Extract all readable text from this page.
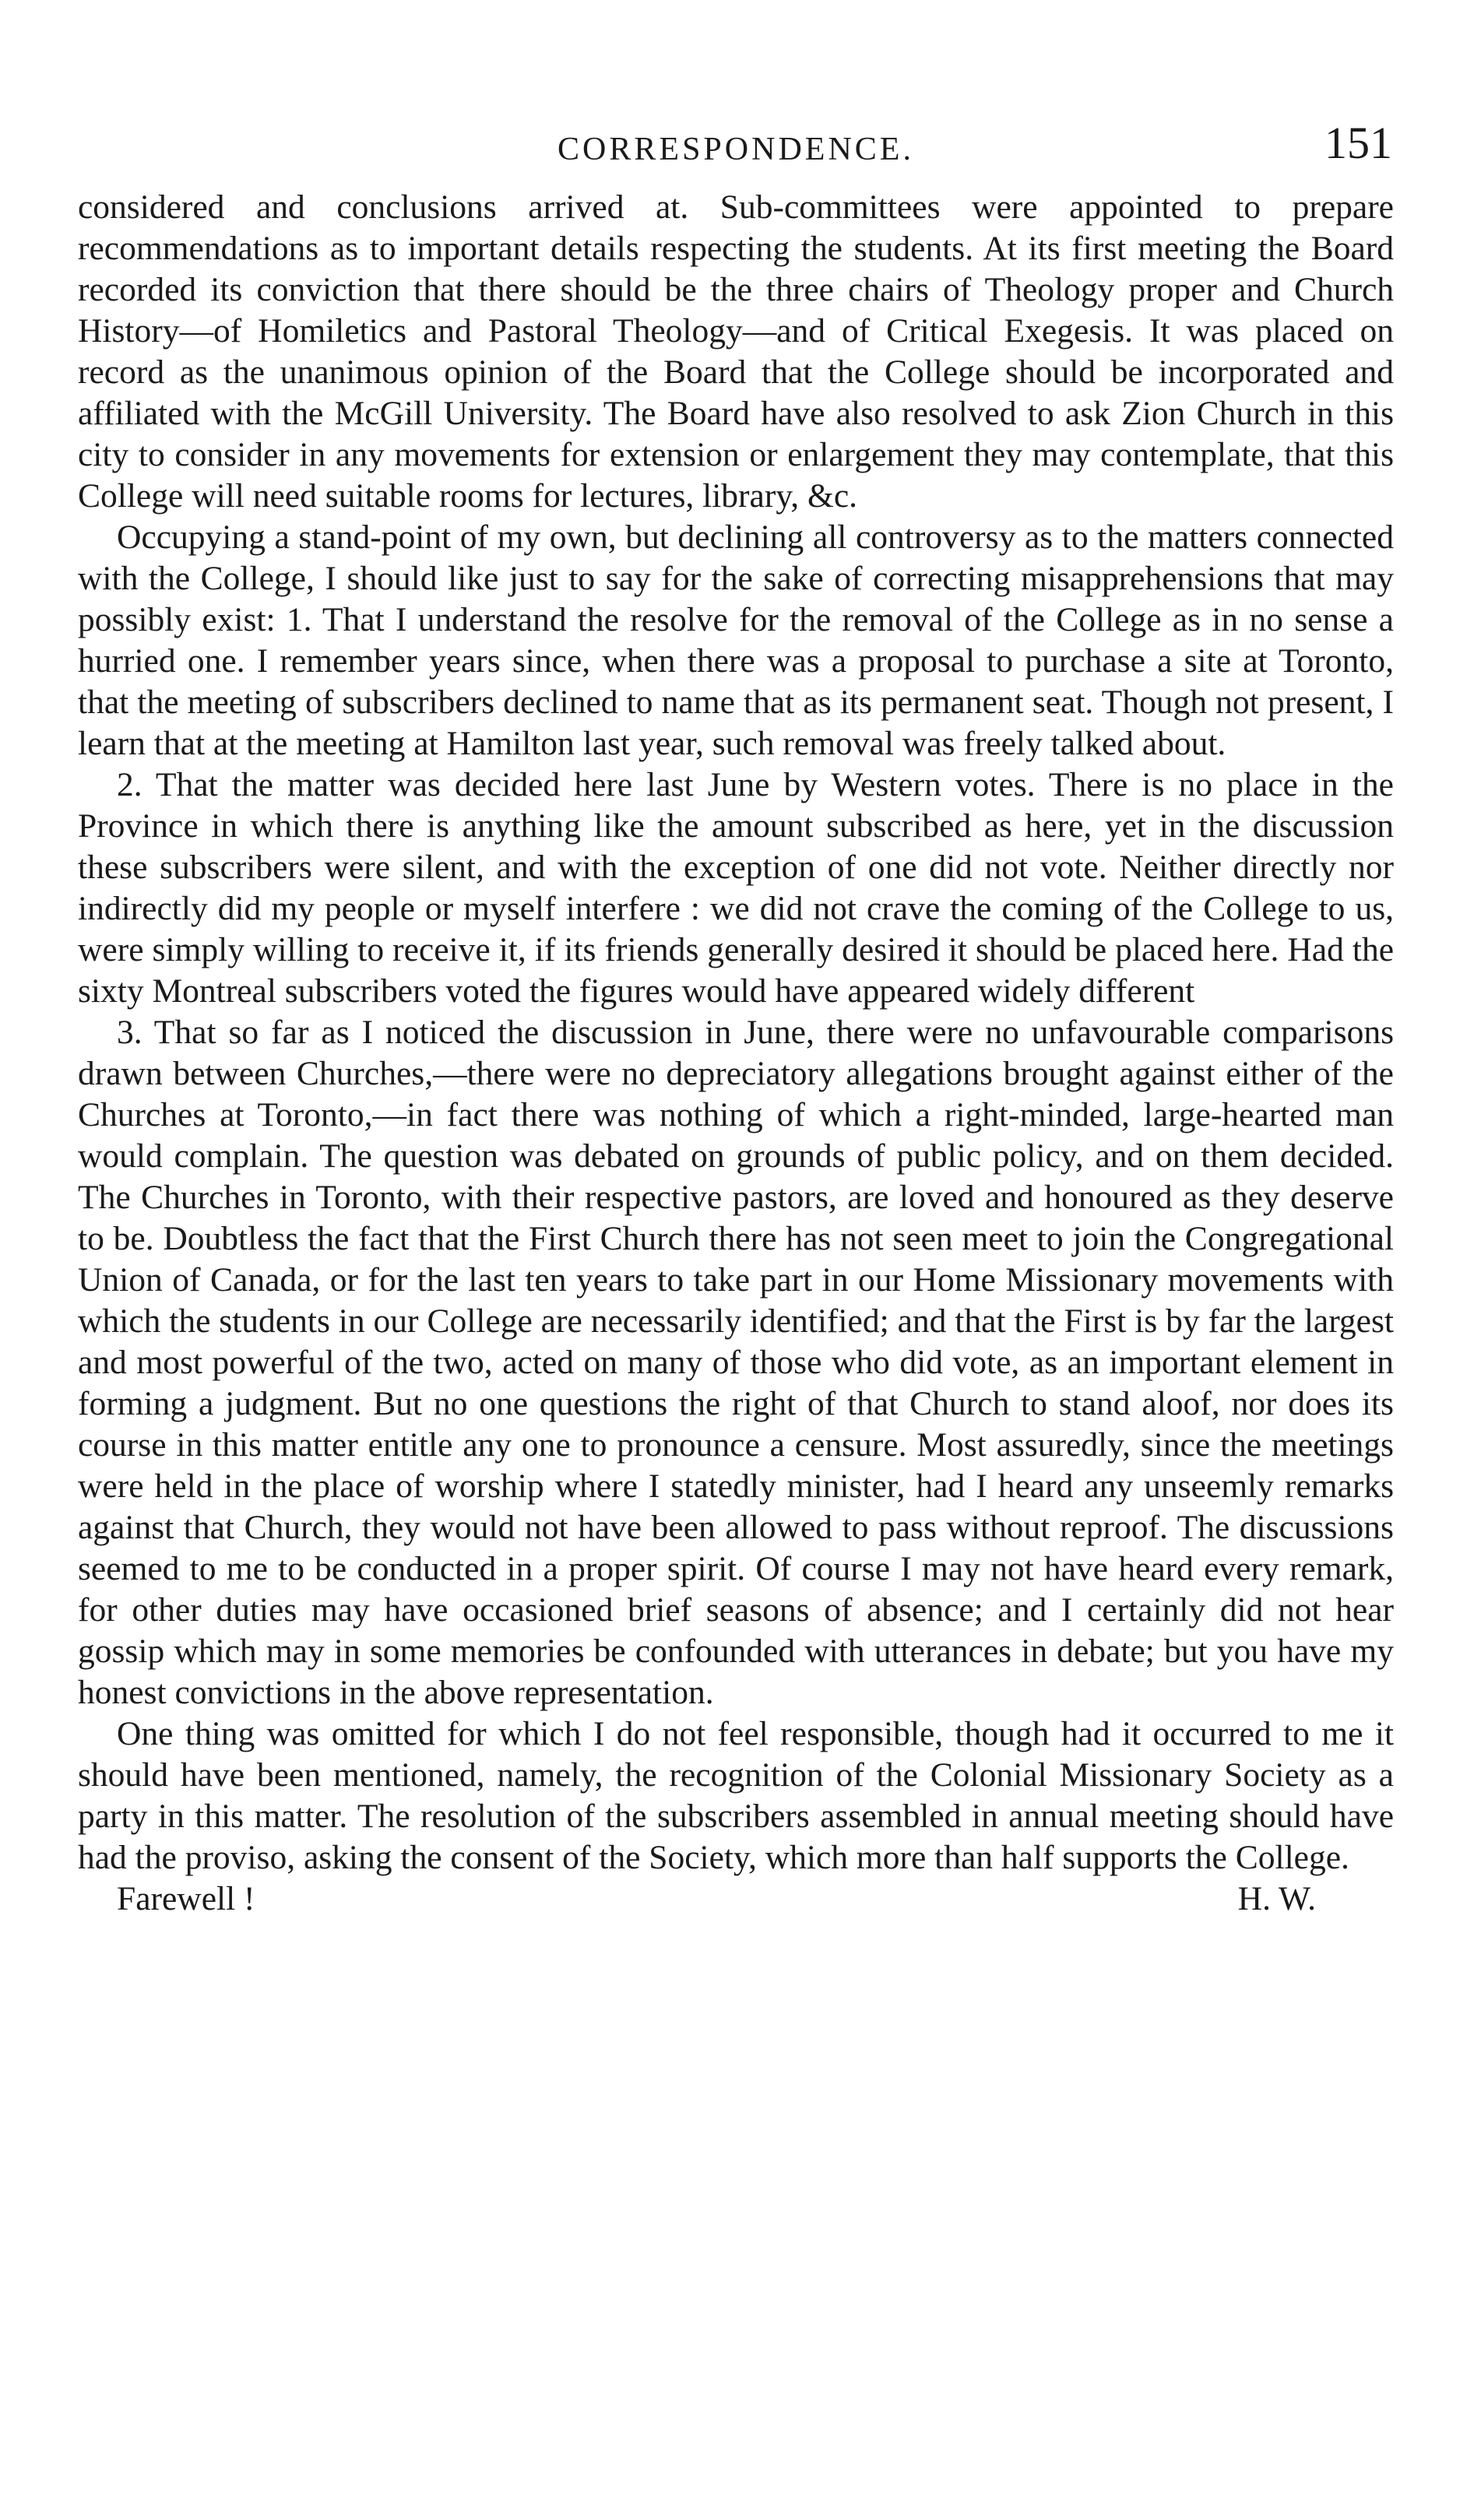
CORRESPONDENCE.	151

considered and conclusions arrived at. Sub-committees were appointed to prepare recommendations as to important details respecting the students. At its first meeting the Board recorded its conviction that there should be the three chairs of Theology proper and Church History—of Homiletics and Pastoral Theology—and of Critical Exegesis. It was placed on record as the unanimous opinion of the Board that the College should be incorporated and affiliated with the McGill University. The Board have also resolved to ask Zion Church in this city to consider in any movements for extension or enlargement they may contemplate, that this College will need suitable rooms for lectures, library, &c.

Occupying a stand-point of my own, but declining all controversy as to the matters connected with the College, I should like just to say for the sake of correcting misapprehensions that may possibly exist: 1. That I understand the resolve for the removal of the College as in no sense a hurried one. I remember years since, when there was a proposal to purchase a site at Toronto, that the meeting of subscribers declined to name that as its permanent seat. Though not present, I learn that at the meeting at Hamilton last year, such removal was freely talked about.

2. That the matter was decided here last June by Western votes. There is no place in the Province in which there is anything like the amount subscribed as here, yet in the discussion these subscribers were silent, and with the exception of one did not vote. Neither directly nor indirectly did my people or myself interfere : we did not crave the coming of the College to us, were simply willing to receive it, if its friends generally desired it should be placed here. Had the sixty Montreal subscribers voted the figures would have appeared widely different

3. That so far as I noticed the discussion in June, there were no unfavourable comparisons drawn between Churches,—there were no depreciatory allegations brought against either of the Churches at Toronto,—in fact there was nothing of which a right-minded, large-hearted man would complain. The question was debated on grounds of public policy, and on them decided. The Churches in Toronto, with their respective pastors, are loved and honoured as they deserve to be. Doubtless the fact that the First Church there has not seen meet to join the Congregational Union of Canada, or for the last ten years to take part in our Home Missionary movements with which the students in our College are necessarily identified; and that the First is by far the largest and most powerful of the two, acted on many of those who did vote, as an important element in forming a judgment. But no one questions the right of that Church to stand aloof, nor does its course in this matter entitle any one to pronounce a censure. Most assuredly, since the meetings were held in the place of worship where I statedly minister, had I heard any unseemly remarks against that Church, they would not have been allowed to pass without reproof. The discussions seemed to me to be conducted in a proper spirit. Of course I may not have heard every remark, for other duties may have occasioned brief seasons of absence; and I certainly did not hear gossip which may in some memories be confounded with utterances in debate; but you have my honest convictions in the above representation.

One thing was omitted for which I do not feel responsible, though had it occurred to me it should have been mentioned, namely, the recognition of the Colonial Missionary Society as a party in this matter. The resolution of the subscribers assembled in annual meeting should have had the proviso, asking the consent of the Society, which more than half supports the College.

Farewell !	H. W.
